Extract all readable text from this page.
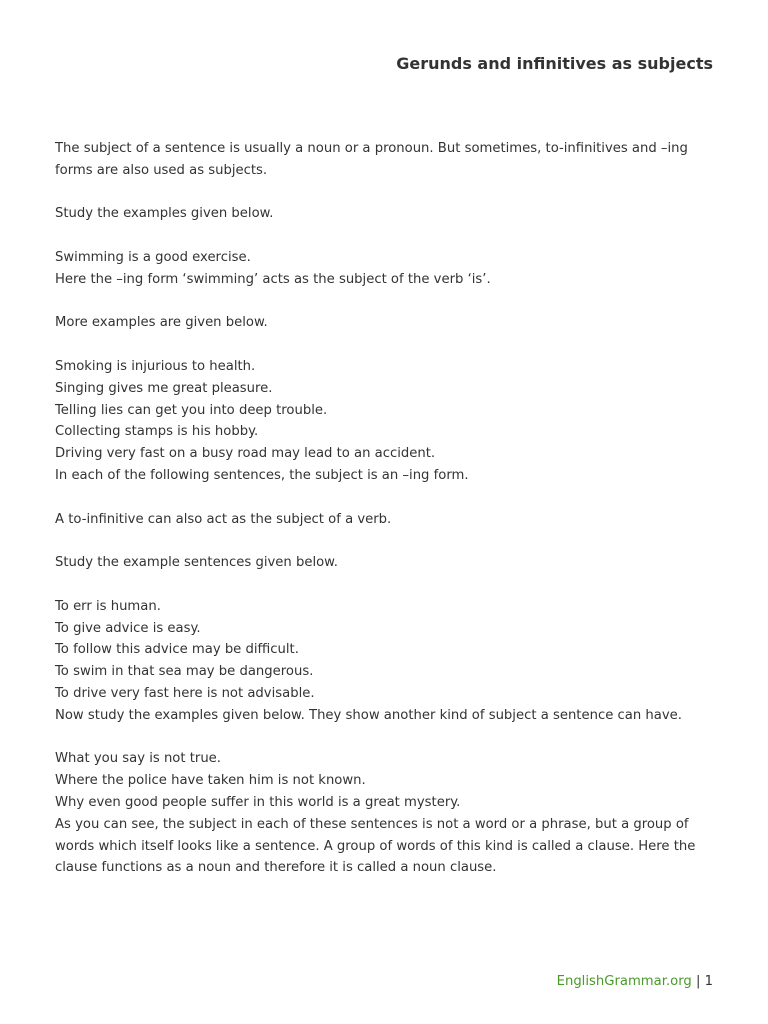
Gerunds and infinitives as subjects

The subject of a sentence is usually a noun or a pronoun. But sometimes, to-infinitives and –ing forms are also used as subjects.

Study the examples given below.

Swimming is a good exercise.
Here the –ing form ‘swimming’ acts as the subject of the verb ‘is’.

More examples are given below.

Smoking is injurious to health.
Singing gives me great pleasure.
Telling lies can get you into deep trouble.
Collecting stamps is his hobby.
Driving very fast on a busy road may lead to an accident.
In each of the following sentences, the subject is an –ing form.

A to-infinitive can also act as the subject of a verb.

Study the example sentences given below.

To err is human.
To give advice is easy.
To follow this advice may be difficult.
To swim in that sea may be dangerous.
To drive very fast here is not advisable.
Now study the examples given below. They show another kind of subject a sentence can have.

What you say is not true.
Where the police have taken him is not known.
Why even good people suffer in this world is a great mystery.
As you can see, the subject in each of these sentences is not a word or a phrase, but a group of words which itself looks like a sentence. A group of words of this kind is called a clause. Here the clause functions as a noun and therefore it is called a noun clause.

EnglishGrammar.org | 1
